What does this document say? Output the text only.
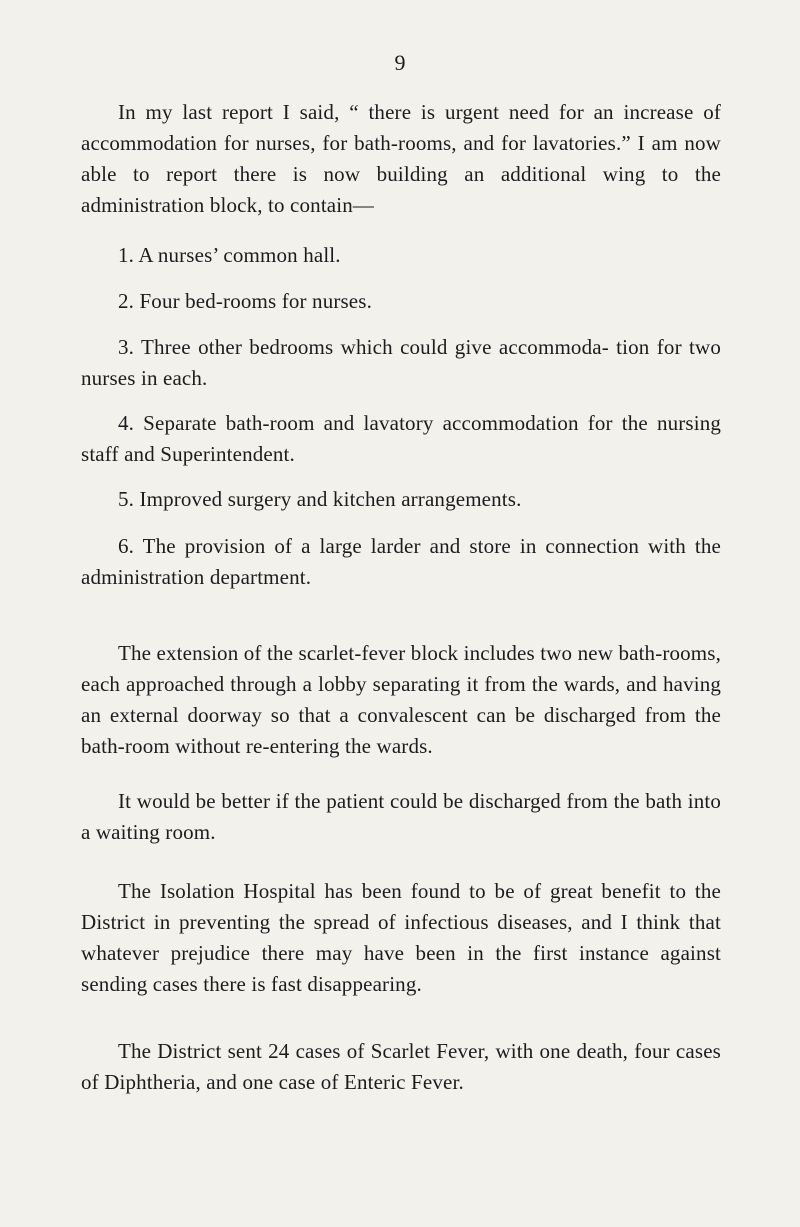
9

In my last report I said, “ there is urgent need for an increase of accommodation for nurses, for bath-rooms, and for lavatories.” I am now able to report there is now building an additional wing to the administration block, to contain—

1. A nurses’ common hall.
2. Four bed-rooms for nurses.
3. Three other bedrooms which could give accommoda- tion for two nurses in each.
4. Separate bath-room and lavatory accommodation for the nursing staff and Superintendent.
5. Improved surgery and kitchen arrangements.
6. The provision of a large larder and store in connection with the administration department.

The extension of the scarlet-fever block includes two new bath-rooms, each approached through a lobby separating it from the wards, and having an external doorway so that a convalescent can be discharged from the bath-room without re-entering the wards.

It would be better if the patient could be discharged from the bath into a waiting room.

The Isolation Hospital has been found to be of great benefit to the District in preventing the spread of infectious diseases, and I think that whatever prejudice there may have been in the first instance against sending cases there is fast disappearing.

The District sent 24 cases of Scarlet Fever, with one death, four cases of Diphtheria, and one case of Enteric Fever.
